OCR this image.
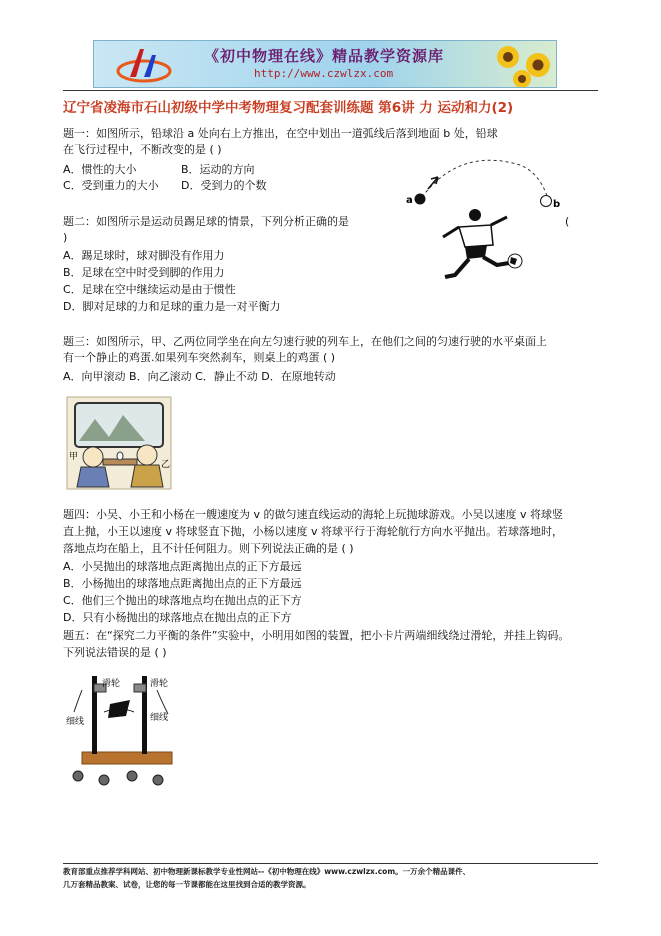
《初中物理在线》精品教学资源库
http://www.czwlzx.com
辽宁省凌海市石山初级中学中考物理复习配套训练题 第6讲 力 运动和力(2)
题一：如图所示，铅球沿 a 处向右上方推出，在空中划出一道弧线后落到地面 b 处，铅球
在飞行过程中，不断改变的是 ( )
A．惯性的大小	B．运动的方向
C．受到重力的大小 D．受到力的个数
a	b
题二：如图所示是运动员踢足球的情景，下列分析正确的是	(
)
A．踢足球时，球对脚没有作用力
B．足球在空中时受到脚的作用力
C．足球在空中继续运动是由于惯性
D．脚对足球的力和足球的重力是一对平衡力
题三：如图所示，甲、乙两位同学坐在向左匀速行驶的列车上，在他们之间的匀速行驶的水平桌面上
有一个静止的鸡蛋.如果列车突然刹车，则桌上的鸡蛋 ( )
A．向甲滚动 B．向乙滚动 C．静止不动 D．在原地转动
甲
乙
题四：小吴、小王和小杨在一艘速度为 v 的做匀速直线运动的海轮上玩抛球游戏。小吴以速度 v 将球竖
直上抛，小王以速度 v 将球竖直下抛，小杨以速度 v 将球平行于海轮航行方向水平抛出。若球落地时，
落地点均在船上，且不计任何阻力。则下列说法正确的是 ( )
A．小吴抛出的球落地点距离抛出点的正下方最远
B．小杨抛出的球落地点距离抛出点的正下方最远
C．他们三个抛出的球落地点均在抛出点的正下方
D．只有小杨抛出的球落地点在抛出点的正下方
题五：在“探究二力平衡的条件”实验中，小明用如图的装置，把小卡片两端细线绕过滑轮，并挂上钩码。
下列说法错误的是 ( )
滑轮	滑轮
细线	细线
教育部重点推荐学科网站、初中物理新课标教学专业性网站--《初中物理在线》www.czwlzx.com。一万余个精品课件、
几万套精品教案、试卷，让您的每一节课都能在这里找到合适的教学资源。
